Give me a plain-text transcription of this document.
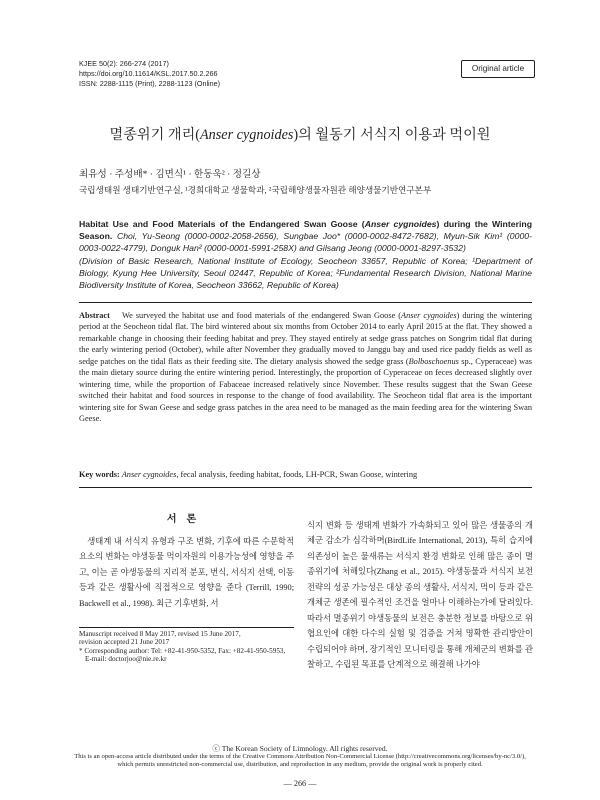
KJEE 50(2): 266-274 (2017)
https://doi.org/10.11614/KSL.2017.50.2.266
ISSN: 2288-1115 (Print), 2288-1123 (Online)
Original article
멸종위기 개리(Anser cygnoides)의 월동기 서식지 이용과 먹이원
최유성 · 주성배* · 김면식¹ · 한동욱² · 정길상
국립생태원 생태기반연구실, ¹경희대학교 생물학과, ²국립해양생물자원관 해양생물기반연구본부
Habitat Use and Food Materials of the Endangered Swan Goose (Anser cygnoides) during the Wintering Season. Choi, Yu-Seong (0000-0002-2058-2656), Sungbae Joo* (0000-0002-8472-7682), Myun-Sik Kim¹ (0000-0003-0022-4779), Donguk Han² (0000-0001-5991-258X) and Gilsang Jeong (0000-0001-8297-3532)
(Division of Basic Research, National Institute of Ecology, Seocheon 33657, Republic of Korea; ¹Department of Biology, Kyung Hee University, Seoul 02447, Republic of Korea; ²Fundamental Research Division, National Marine Biodiversity Institute of Korea, Seocheon 33662, Republic of Korea)
Abstract We surveyed the habitat use and food materials of the endangered Swan Goose (Anser cygnoides) during the wintering period at the Seocheon tidal flat. The bird wintered about six months from October 2014 to early April 2015 at the flat. They showed a remarkable change in choosing their feeding habitat and prey. They stayed entirely at sedge grass patches on Songrim tidal flat during the early wintering period (October), while after November they gradually moved to Janggu bay and used rice paddy fields as well as sedge patches on the tidal flats as their feeding site. The dietary analysis showed the sedge grass (Bolboschoenus sp., Cyperaceae) was the main dietary source during the entire wintering period. Interestingly, the proportion of Cyperaceae on feces decreased slightly over wintering time, while the proportion of Fabaceae increased relatively since November. These results suggest that the Swan Geese switched their habitat and food sources in response to the change of food availability. The Seocheon tidal flat area is the important wintering site for Swan Geese and sedge grass patches in the area need to be managed as the main feeding area for the wintering Swan Geese.
Key words: Anser cygnoides, fecal analysis, feeding habitat, foods, LH-PCR, Swan Goose, wintering
서론
생태계 내 서식지 유형과 구조 변화, 기후에 따른 수문학적 요소의 변화는 야생동물 먹이자원의 이용가능성에 영향을 주고, 이는 곧 야생동물의 지리적 분포, 번식, 서식지 선택, 이동 등과 같은 생활사에 직접적으로 영향을 준다 (Terrill, 1990; Backwell et al., 1998). 최근 기후변화, 서
식지 변화 등 생태계 변화가 가속화되고 있어 많은 생물종의 개체군 감소가 심각하며(BirdLife International, 2013), 특히 습지에 의존성이 높은 물새류는 서식지 환경 변화로 인해 많은 종이 멸종위기에 처해있다(Zhang et al., 2015). 야생동물과 서식지 보전 전략의 성공 가능성은 대상 종의 생활사, 서식지, 먹이 등과 같은 개체군 생존에 필수적인 조건을 얼마나 이해하는가에 달려있다. 따라서 멸종위기 야생동물의 보전은 충분한 정보를 바탕으로 위협요인에 대한 다수의 실험 및 검증을 거쳐 명확한 관리방안이 수립되어야 하며, 장기적인 모니터링을 통해 개체군의 변화를 관찰하고, 수립된 목표를 단계적으로 해결해 나가야

Manuscript received 8 May 2017, revised 15 June 2017,

revision accepted 21 June 2017

* Corresponding author: Tel: +82-41-950-5352, Fax: +82-41-950-5953,

E-mail: doctorjoo@nie.re.kr

ⓒ The Korean Society of Limnology. All rights reserved.
This is an open-access article distributed under the terms of the Creative Commons Attribution Non-Commercial License (http://creativecommons.org/licenses/by-nc/3.0/),
which permits unrestricted non-commercial use, distribution, and reproduction in any medium, provide the original work is properly cited.
— 266 —
